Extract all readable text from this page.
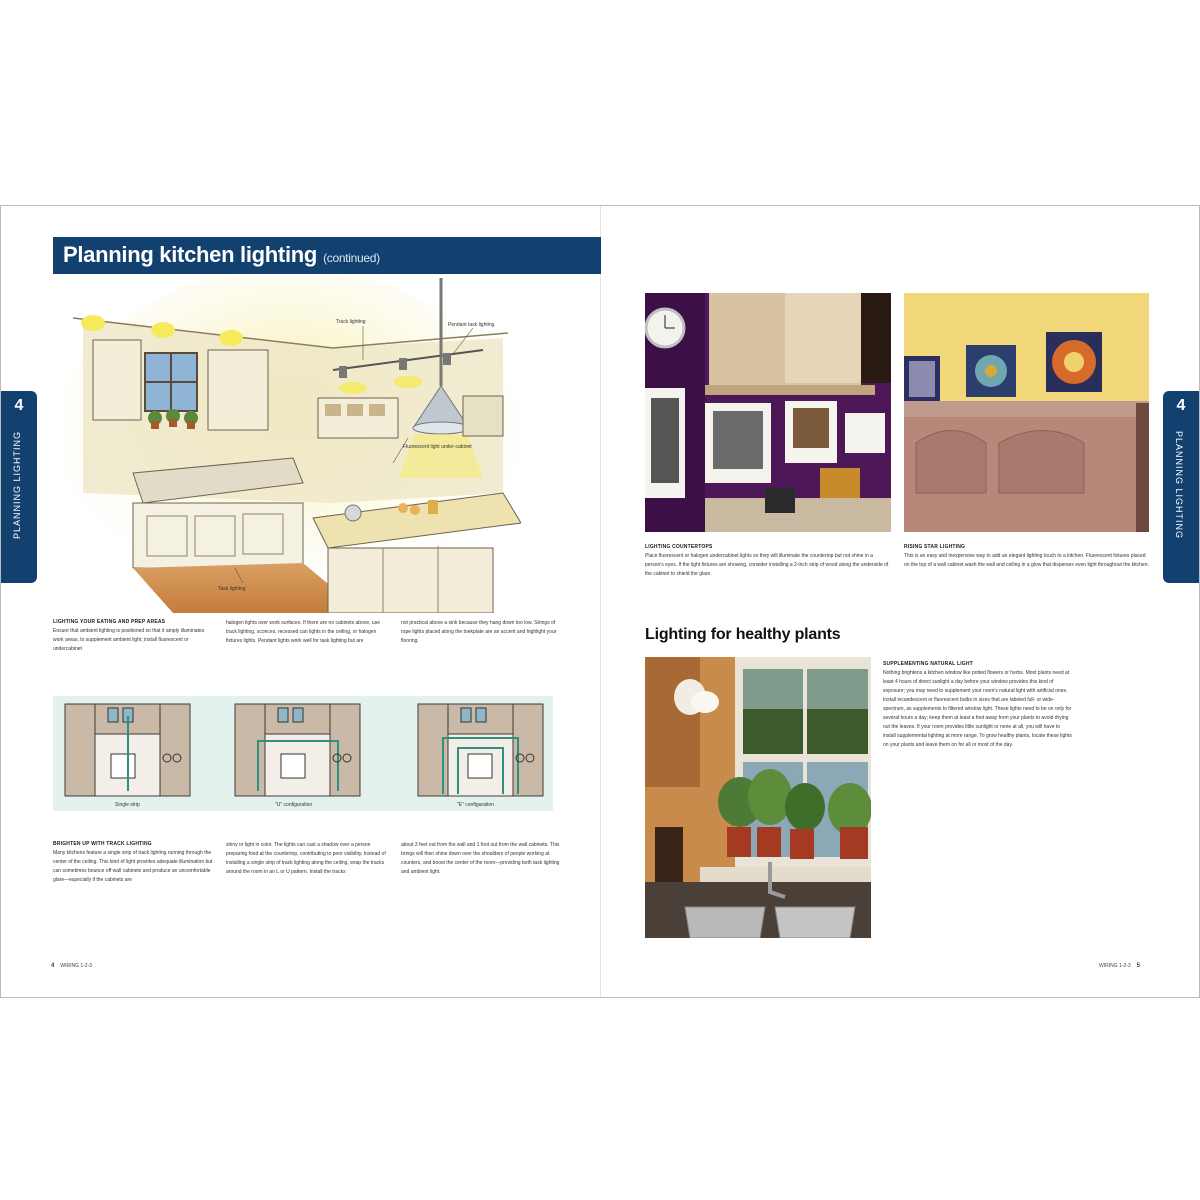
Planning kitchen lighting (continued)
4
PLANNING LIGHTING
Track lighting	Pendant task lighting
Fluorescent light under-cabinet
Task lighting
LIGHTING YOUR EATING AND PREP AREAS
Ensure that ambient lighting is positioned so that it amply illuminates work areas, to supplement ambient light; install fluorescent or undercabinet
halogen lights over work surfaces. If there are no cabinets above, use track lighting, sconces, recessed can lights in the ceiling, or halogen fixtures lights. Pendant lights work well for task lighting but are
not practical above a sink because they hang down too low. Strings of rope lights placed along the toekplate are an accent and highlight your flooring.
Single strip	"U" configuration	"E" configuration
BRIGHTEN UP WITH TRACK LIGHTING
Many kitchens feature a single strip of track lighting running through the center of the ceiling. This kind of light provides adequate illumination but can sometimes bounce off wall cabinets and produce an uncomfortable glare—especially if the cabinets are
shiny or light in color. The lights can cast a shadow over a person preparing food at the countertop, contributing to poor visibility. Instead of installing a single strip of track lighting along the ceiling, wrap the tracks around the room in an L or U pattern. Install the tracks
about 3 feet out from the wall and 1 foot out from the wall cabinets. This brings will then shine down over the shoulders of people working at counters, and boost the center of the room—providing both task lighting and ambient light.
4 WIRING 1-2-3
4
PLANNING LIGHTING
LIGHTING COUNTERTOPS
Place fluorescent or halogen undercabinet lights so they will illuminate the countertop but not shine in a person's eyes. If the light fixtures are showing, consider installing a 2-inch strip of wood along the underside of the cabinet to shield the glare.
RISING STAR LIGHTING
This is an easy and inexpensive way to add an elegant lighting touch to a kitchen. Fluorescent fixtures placed on the top of a wall cabinet wash the wall and ceiling in a glow that disperses even light throughout the kitchen.
Lighting for healthy plants
SUPPLEMENTING NATURAL LIGHT
Nothing brightens a kitchen window like potted flowers or herbs. Most plants need at least 4 hours of direct sunlight a day before your window provides this kind of exposure; you may need to supplement your room's natural light with artificial ones. Install incandescent or fluorescent bulbs in sizes that are labeled full- or wide-spectrum, as supplements to filtered window light. These lights need to be on only for several hours a day; keep them at least a foot away from your plants to avoid drying out the leaves. If your room provides little sunlight or none at all, you will have to install supplemental lighting at more range. To grow healthy plants, locate these lights on your plants and leave them on for all or most of the day.
WIRING 1-2-3 5
